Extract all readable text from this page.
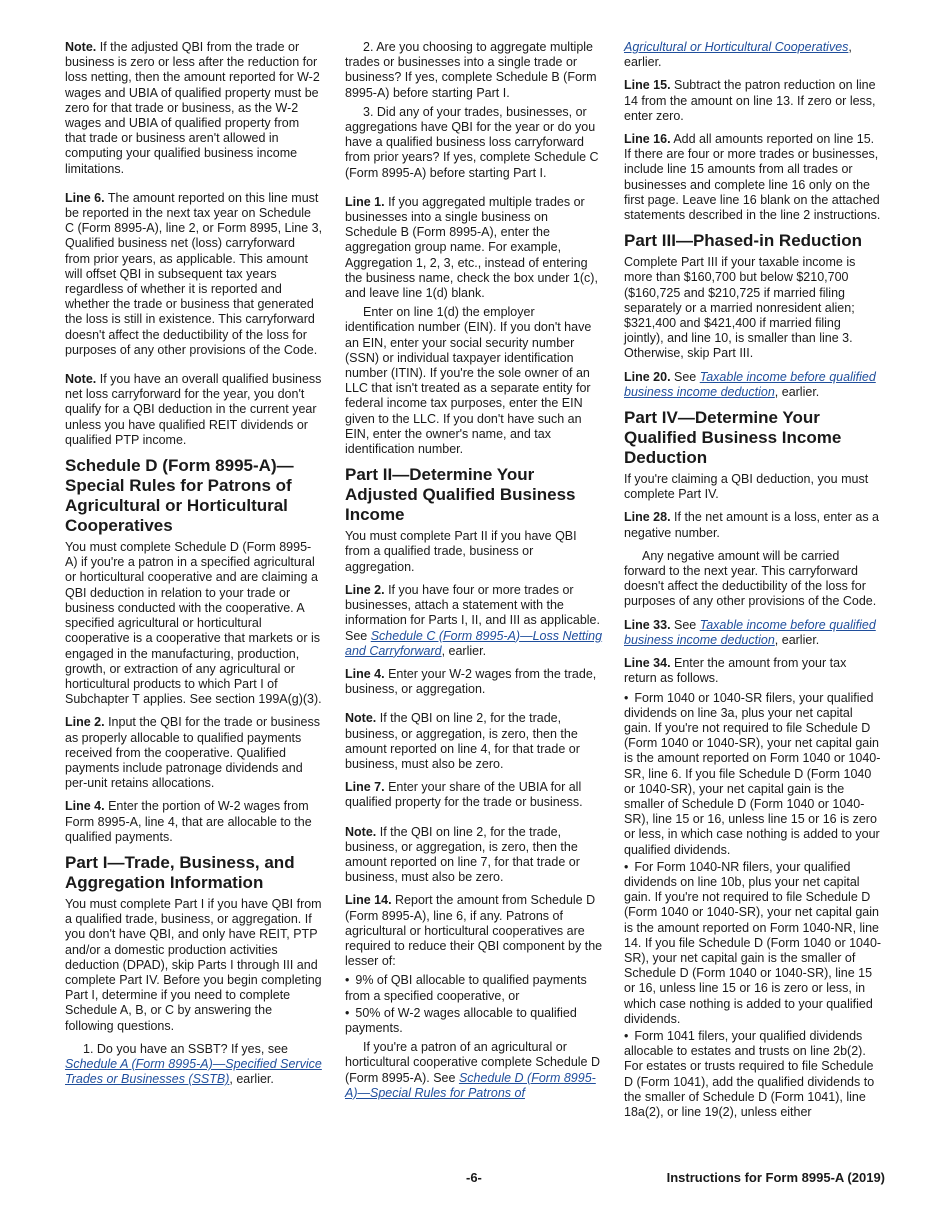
Note. If the adjusted QBI from the trade or business is zero or less after the reduction for loss netting, then the amount reported for W-2 wages and UBIA of qualified property must be zero for that trade or business, as the W-2 wages and UBIA of qualified property from that trade or business aren't allowed in computing your qualified business income limitations.

Line 6. The amount reported on this line must be reported in the next tax year on Schedule C (Form 8995-A), line 2, or Form 8995, Line 3, Qualified business net (loss) carryforward from prior years, as applicable. This amount will offset QBI in subsequent tax years regardless of whether it is reported and whether the trade or business that generated the loss is still in existence. This carryforward doesn't affect the deductibility of the loss for purposes of any other provisions of the Code.

Note. If you have an overall qualified business net loss carryforward for the year, you don't qualify for a QBI deduction in the current year unless you have qualified REIT dividends or qualified PTP income.

Schedule D (Form 8995-A)—Special Rules for Patrons of Agricultural or Horticultural Cooperatives

You must complete Schedule D (Form 8995-A) if you're a patron in a specified agricultural or horticultural cooperative and are claiming a QBI deduction in relation to your trade or business conducted with the cooperative. A specified agricultural or horticultural cooperative is a cooperative that markets or is engaged in the manufacturing, production, growth, or extraction of any agricultural or horticultural products to which Part I of Subchapter T applies. See section 199A(g)(3).

Line 2. Input the QBI for the trade or business as properly allocable to qualified payments received from the cooperative. Qualified payments include patronage dividends and per-unit retains allocations.

Line 4. Enter the portion of W-2 wages from Form 8995-A, line 4, that are allocable to the qualified payments.

Part I—Trade, Business, and Aggregation Information

You must complete Part I if you have QBI from a qualified trade, business, or aggregation. If you don't have QBI, and only have REIT, PTP and/or a domestic production activities deduction (DPAD), skip Parts I through III and complete Part IV. Before you begin completing Part I, determine if you need to complete Schedule A, B, or C by answering the following questions.

1. Do you have an SSBT? If yes, see Schedule A (Form 8995-A)—Specified Service Trades or Businesses (SSTB), earlier.

2. Are you choosing to aggregate multiple trades or businesses into a single trade or business? If yes, complete Schedule B (Form 8995-A) before starting Part I.

3. Did any of your trades, businesses, or aggregations have QBI for the year or do you have a qualified business loss carryforward from prior years? If yes, complete Schedule C (Form 8995-A) before starting Part I.

Line 1. If you aggregated multiple trades or businesses into a single business on Schedule B (Form 8995-A), enter the aggregation group name. For example, Aggregation 1, 2, 3, etc., instead of entering the business name, check the box under 1(c), and leave line 1(d) blank.

Enter on line 1(d) the employer identification number (EIN). If you don't have an EIN, enter your social security number (SSN) or individual taxpayer identification number (ITIN). If you're the sole owner of an LLC that isn't treated as a separate entity for federal income tax purposes, enter the EIN given to the LLC. If you don't have such an EIN, enter the owner's name, and tax identification number.

Part II—Determine Your Adjusted Qualified Business Income

You must complete Part II if you have QBI from a qualified trade, business or aggregation.

Line 2. If you have four or more trades or businesses, attach a statement with the information for Parts I, II, and III as applicable. See Schedule C (Form 8995-A)—Loss Netting and Carryforward, earlier.

Line 4. Enter your W-2 wages from the trade, business, or aggregation.

Note. If the QBI on line 2, for the trade, business, or aggregation, is zero, then the amount reported on line 4, for that trade or business, must also be zero.

Line 7. Enter your share of the UBIA for all qualified property for the trade or business.

Note. If the QBI on line 2, for the trade, business, or aggregation, is zero, then the amount reported on line 7, for that trade or business, must also be zero.

Line 14. Report the amount from Schedule D (Form 8995-A), line 6, if any. Patrons of agricultural or horticultural cooperatives are required to reduce their QBI component by the lesser of:

• 9% of QBI allocable to qualified payments from a specified cooperative, or

• 50% of W-2 wages allocable to qualified payments.

If you're a patron of an agricultural or horticultural cooperative complete Schedule D (Form 8995-A). See Schedule D (Form 8995-A)—Special Rules for Patrons of

Agricultural or Horticultural Cooperatives, earlier.

Line 15. Subtract the patron reduction on line 14 from the amount on line 13. If zero or less, enter zero.

Line 16. Add all amounts reported on line 15. If there are four or more trades or businesses, include line 15 amounts from all trades or businesses and complete line 16 only on the first page. Leave line 16 blank on the attached statements described in the line 2 instructions.

Part III—Phased-in Reduction

Complete Part III if your taxable income is more than $160,700 but below $210,700 ($160,725 and $210,725 if married filing separately or a married nonresident alien; $321,400 and $421,400 if married filing jointly), and line 10, is smaller than line 3. Otherwise, skip Part III.

Line 20. See Taxable income before qualified business income deduction, earlier.

Part IV—Determine Your Qualified Business Income Deduction

If you're claiming a QBI deduction, you must complete Part IV.

Line 28. If the net amount is a loss, enter as a negative number.

Any negative amount will be carried forward to the next year. This carryforward doesn't affect the deductibility of the loss for purposes of any other provisions of the Code.

Line 33. See Taxable income before qualified business income deduction, earlier.

Line 34. Enter the amount from your tax return as follows.

• Form 1040 or 1040-SR filers, your qualified dividends on line 3a, plus your net capital gain. If you're not required to file Schedule D (Form 1040 or 1040-SR), your net capital gain is the amount reported on Form 1040 or 1040-SR, line 6. If you file Schedule D (Form 1040 or 1040-SR), your net capital gain is the smaller of Schedule D (Form 1040 or 1040-SR), line 15 or 16, unless line 15 or 16 is zero or less, in which case nothing is added to your qualified dividends.

• For Form 1040-NR filers, your qualified dividends on line 10b, plus your net capital gain. If you're not required to file Schedule D (Form 1040 or 1040-SR), your net capital gain is the amount reported on Form 1040-NR, line 14. If you file Schedule D (Form 1040 or 1040-SR), your net capital gain is the smaller of Schedule D (Form 1040 or 1040-SR), line 15 or 16, unless line 15 or 16 is zero or less, in which case nothing is added to your qualified dividends.

• Form 1041 filers, your qualified dividends allocable to estates and trusts on line 2b(2). For estates or trusts required to file Schedule D (Form 1041), add the qualified dividends to the smaller of Schedule D (Form 1041), line 18a(2), or line 19(2), unless either

-6-	Instructions for Form 8995-A (2019)
